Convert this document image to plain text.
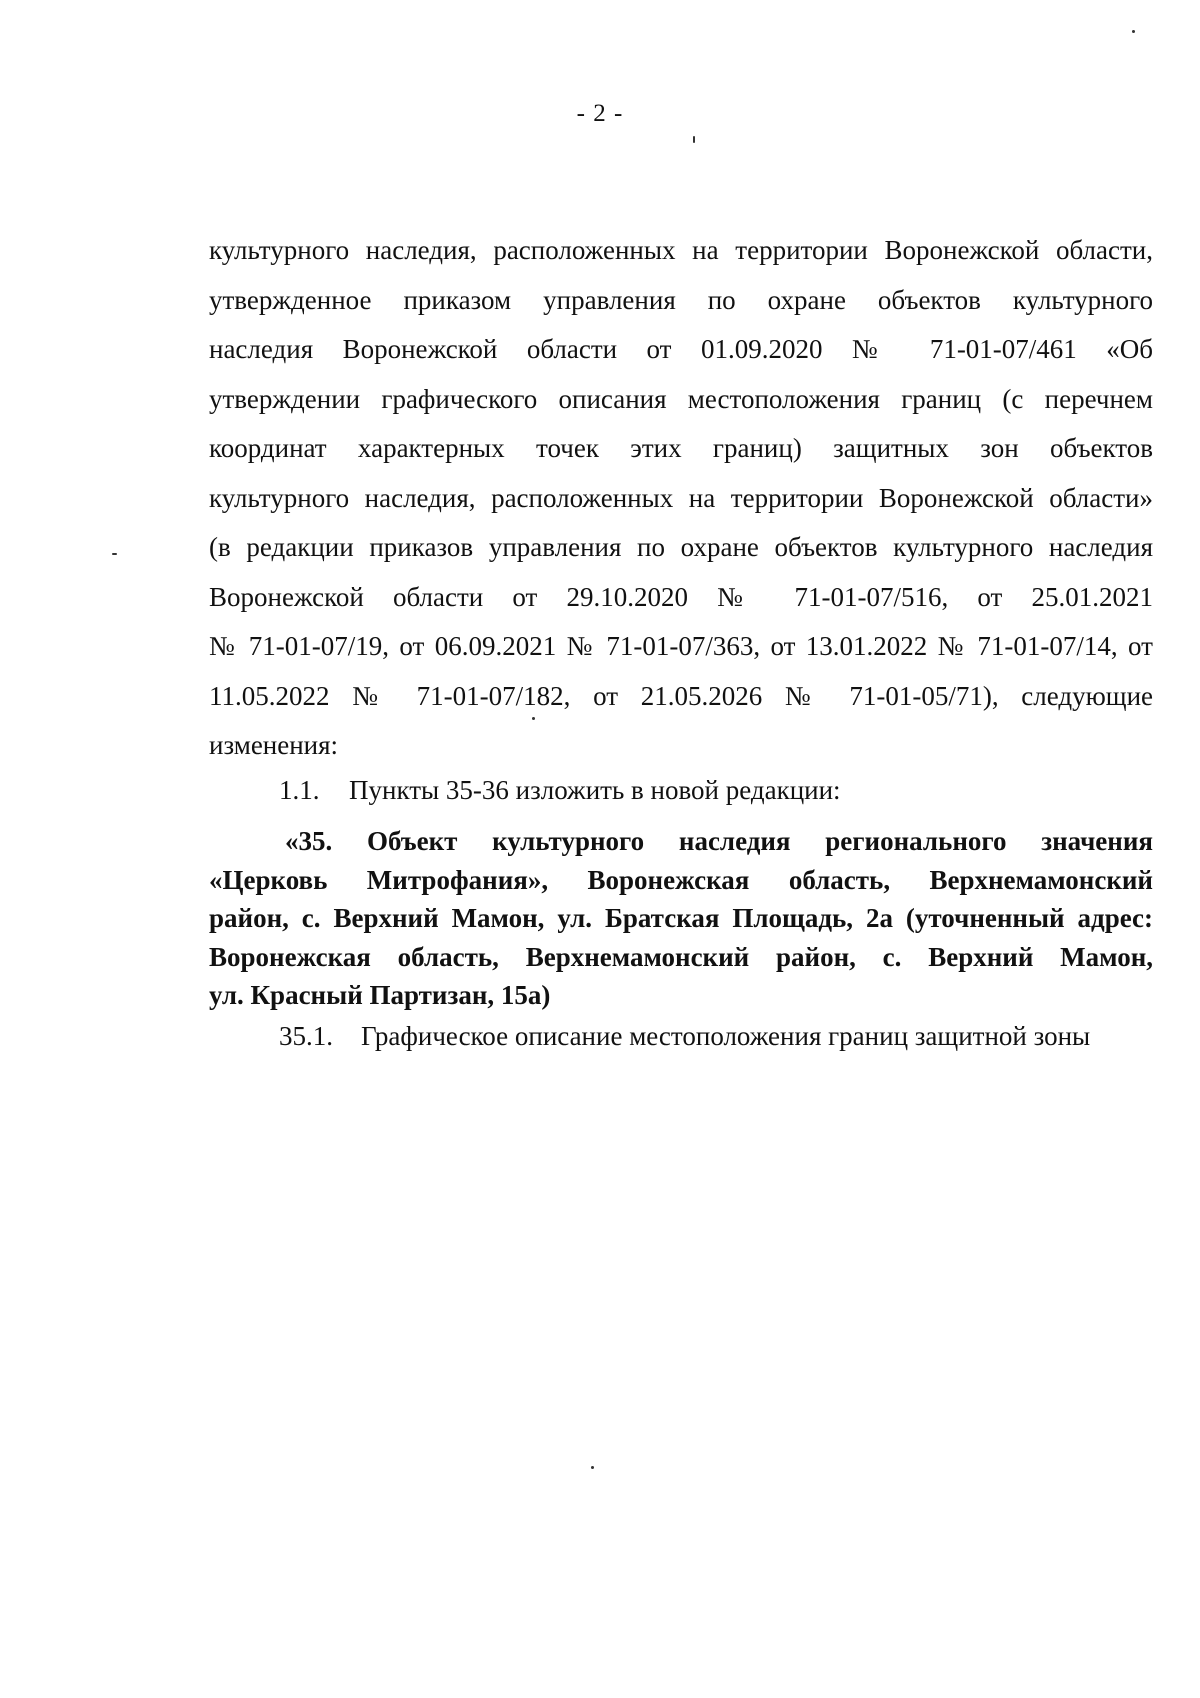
- 2 -
культурного наследия, расположенных на территории Воронежской области,
утвержденное приказом управления по охране объектов культурного
наследия Воронежской области от 01.09.2020 № 71-01-07/461 «Об
утверждении графического описания местоположения границ (с перечнем
координат характерных точек этих границ) защитных зон объектов
культурного наследия, расположенных на территории Воронежской области»
(в редакции приказов управления по охране объектов культурного наследия
Воронежской области от 29.10.2020 № 71-01-07/516, от 25.01.2021
№ 71-01-07/19, от 06.09.2021 № 71-01-07/363, от 13.01.2022 № 71-01-07/14, от
11.05.2022 № 71-01-07/182, от 21.05.2026 № 71-01-05/71), следующие
изменения:
1.1. Пункты 35-36 изложить в новой редакции:
«35. Объект культурного наследия регионального значения
«Церковь Митрофания», Воронежская область, Верхнемамонский
район, с. Верхний Мамон, ул. Братская Площадь, 2а (уточненный адрес:
Воронежская область, Верхнемамонский район, с. Верхний Мамон,
ул. Красный Партизан, 15а)
35.1. Графическое описание местоположения границ защитной зоны
